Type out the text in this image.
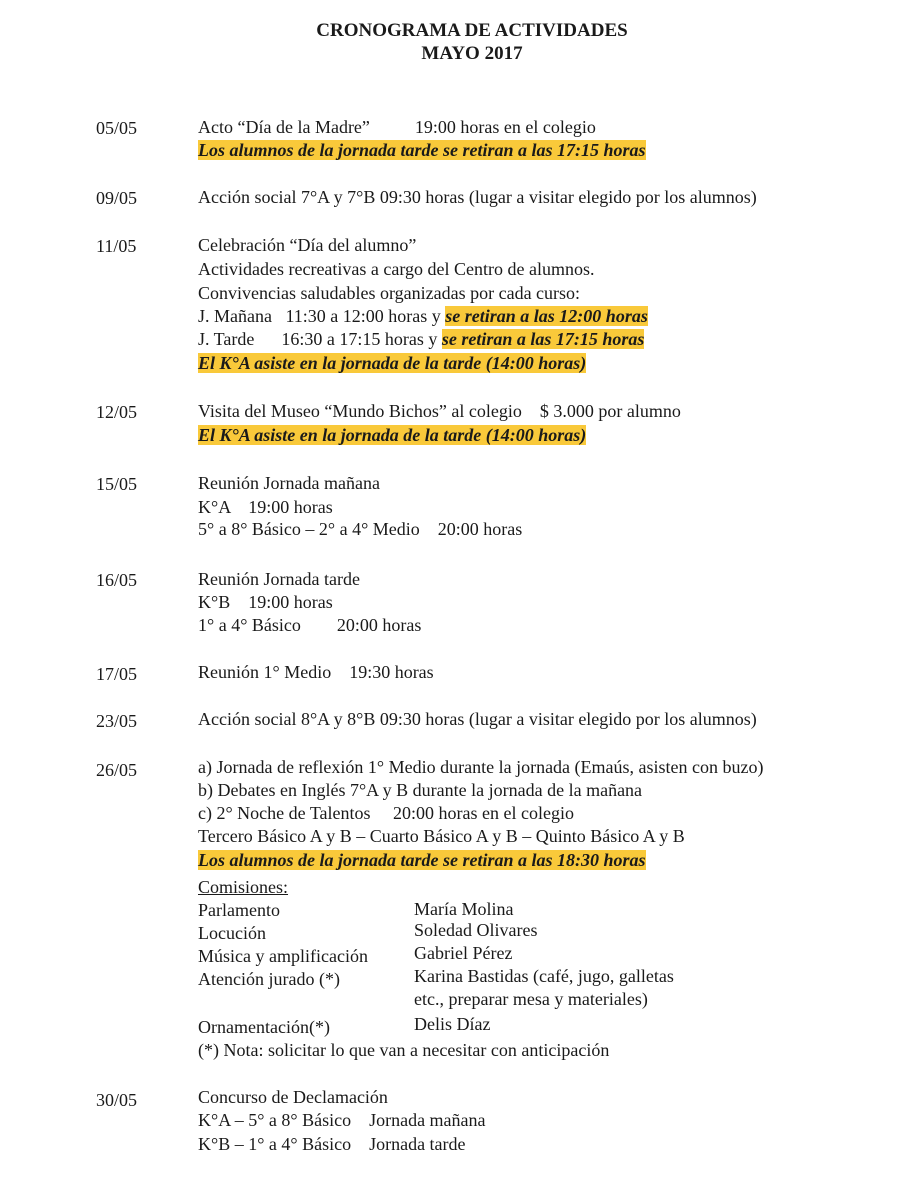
CRONOGRAMA DE ACTIVIDADES
MAYO 2017
05/05	Acto “Día de la Madre”          19:00 horas en el colegio
Los alumnos de la jornada tarde se retiran a las 17:15 horas
09/05	Acción social 7°A y 7°B 09:30 horas (lugar a visitar elegido por los alumnos)
11/05	Celebración “Día del alumno”
Actividades recreativas a cargo del Centro de alumnos.
Convivencias saludables organizadas por cada curso:
J. Mañana   11:30 a 12:00 horas y se retiran a las 12:00 horas
J. Tarde      16:30 a 17:15 horas y se retiran a las 17:15 horas
El K°A asiste en la jornada de la tarde (14:00 horas)
12/05	Visita del Museo “Mundo Bichos” al colegio    $ 3.000 por alumno
El K°A asiste en la jornada de la tarde (14:00 horas)
15/05	Reunión Jornada mañana
K°A    19:00 horas
5° a 8° Básico – 2° a 4° Medio    20:00 horas
16/05	Reunión Jornada tarde
K°B    19:00 horas
1° a 4° Básico        20:00 horas
17/05	Reunión 1° Medio    19:30 horas
23/05	Acción social 8°A y 8°B 09:30 horas (lugar a visitar elegido por los alumnos)
26/05	a) Jornada de reflexión 1° Medio durante la jornada (Emaús, asisten con buzo)
b) Debates en Inglés 7°A y B durante la jornada de la mañana
c) 2° Noche de Talentos     20:00 horas en el colegio
Tercero Básico A y B – Cuarto Básico A y B – Quinto Básico A y B
Los alumnos de la jornada tarde se retiran a las 18:30 horas
Comisiones:
Parlamento	María Molina
Locución	Soledad Olivares
Música y amplificación	Gabriel Pérez
Atención jurado (*)	Karina Bastidas (café, jugo, galletas
etc., preparar mesa y materiales)
Ornamentación(*)	Delis Díaz
(*) Nota: solicitar lo que van a necesitar con anticipación
30/05	Concurso de Declamación
K°A – 5° a 8° Básico    Jornada mañana
K°B – 1° a 4° Básico    Jornada tarde
